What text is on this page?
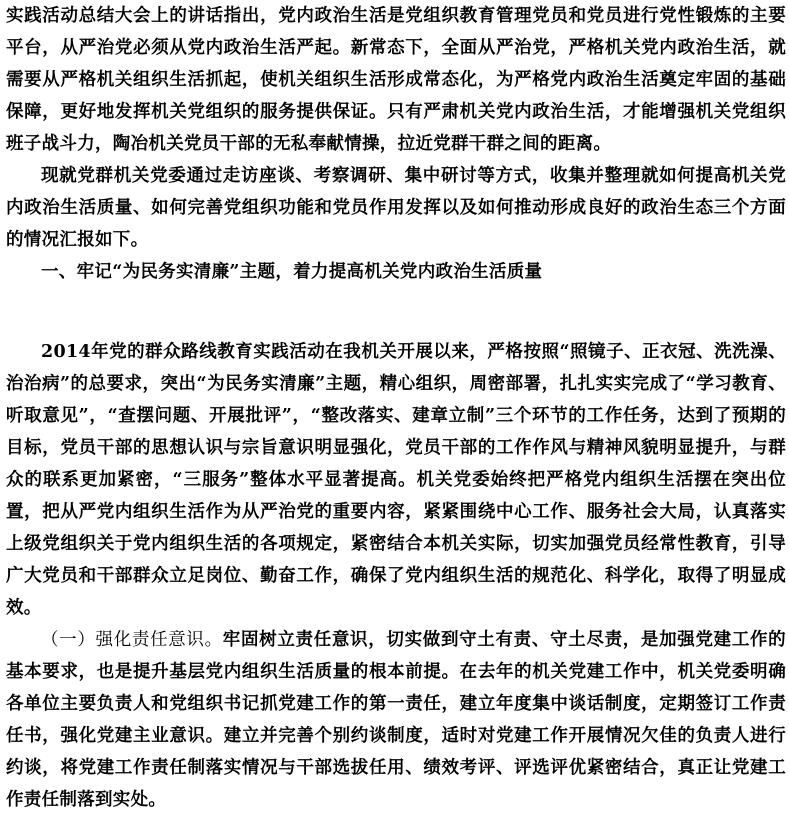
实践活动总结大会上的讲话指出，党内政治生活是党组织教育管理党员和党员进行党性锻炼的主要平台，从严治党必须从党内政治生活严起。新常态下，全面从严治党，严格机关党内政治生活，就需要从严格机关组织生活抓起，使机关组织生活形成常态化，为严格党内政治生活奠定牢固的基础保障，更好地发挥机关党组织的服务提供保证。只有严肃机关党内政治生活，才能增强机关党组织班子战斗力，陶冶机关党员干部的无私奉献情操，拉近党群干群之间的距离。

现就党群机关党委通过走访座谈、考察调研、集中研讨等方式，收集并整理就如何提高机关党内政治生活质量、如何完善党组织功能和党员作用发挥以及如何推动形成良好的政治生态三个方面的情况汇报如下。

一、牢记“为民务实清廉”主题，着力提高机关党内政治生活质量

2014年党的群众路线教育实践活动在我机关开展以来，严格按照“照镜子、正衣冠、洗洗澡、治治病”的总要求，突出“为民务实清廉”主题，精心组织，周密部署，扎扎实实完成了“学习教育、听取意见”，“查摆问题、开展批评”，“整改落实、建章立制”三个环节的工作任务，达到了预期的目标，党员干部的思想认识与宗旨意识明显强化，党员干部的工作作风与精神风貌明显提升，与群众的联系更加紧密，“三服务”整体水平显著提高。机关党委始终把严格党内组织生活摆在突出位置，把从严党内组织生活作为从严治党的重要内容，紧紧围绕中心工作、服务社会大局，认真落实上级党组织关于党内组织生活的各项规定，紧密结合本机关实际，切实加强党员经常性教育，引导广大党员和干部群众立足岗位、勤奋工作，确保了党内组织生活的规范化、科学化，取得了明显成效。

（一）强化责任意识。牢固树立责任意识，切实做到守土有责、守土尽责，是加强党建工作的基本要求，也是提升基层党内组织生活质量的根本前提。在去年的机关党建工作中，机关党委明确各单位主要负责人和党组织书记抓党建工作的第一责任，建立年度集中谈话制度，定期签订工作责任书，强化党建主业意识。建立并完善个别约谈制度，适时对党建工作开展情况欠佳的负责人进行约谈，将党建工作责任制落实情况与干部选拔任用、绩效考评、评选评优紧密结合，真正让党建工作责任制落到实处。
